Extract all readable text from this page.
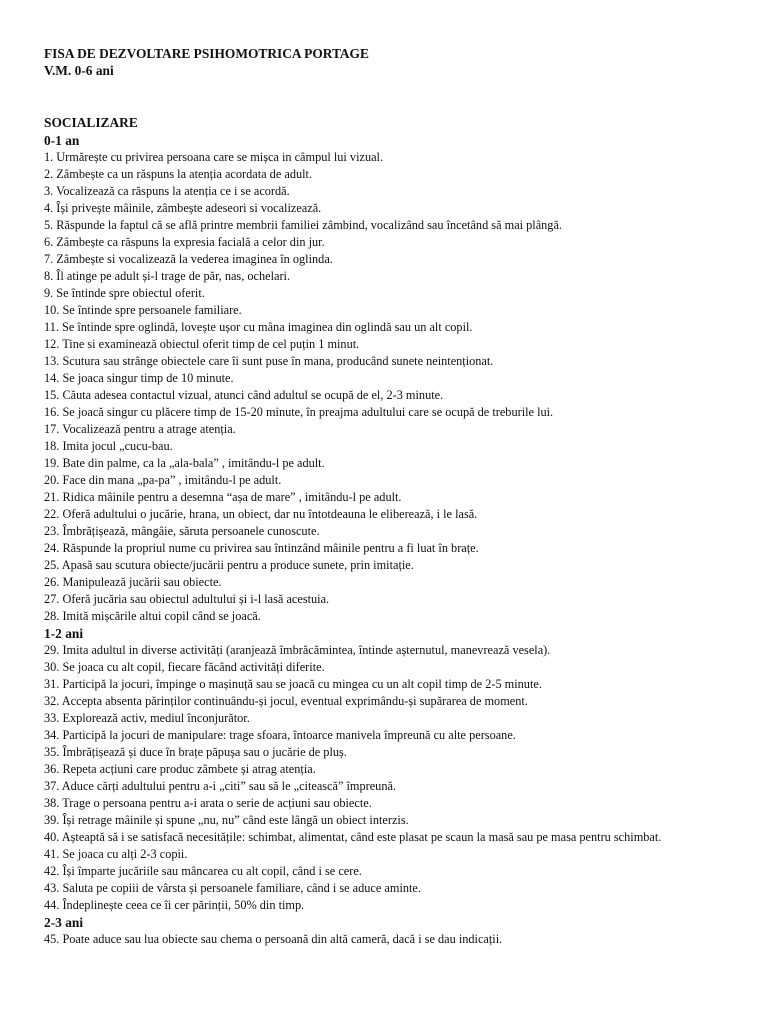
FISA DE DEZVOLTARE PSIHOMOTRICA PORTAGE
V.M. 0-6 ani
SOCIALIZARE
0-1 an
1. Urmărește cu privirea persoana care se mișca in câmpul lui vizual.
2. Zâmbește ca un răspuns la atenția acordata de adult.
3. Vocalizează ca răspuns la atenția ce i se acordă.
4. Își privește mâinile, zâmbește adeseori si vocalizează.
5. Răspunde la faptul că se află printre membrii familiei zâmbind, vocalizând sau încetând să mai plângă.
6. Zâmbește ca răspuns la expresia facială a celor din jur.
7. Zâmbește si vocalizează la vederea imaginea în oglinda.
8. Îl atinge pe adult și-l trage de păr, nas, ochelari.
9. Se întinde spre obiectul oferit.
10. Se întinde spre persoanele familiare.
11. Se întinde spre oglindă, lovește ușor cu mâna imaginea din oglindă sau un alt copil.
12. Tine si examinează obiectul oferit timp de cel puțin 1 minut.
13. Scutura sau strânge obiectele care îi sunt puse în mana, producând sunete neintenționat.
14. Se joaca singur timp de 10 minute.
15. Căuta adesea contactul vizual, atunci când adultul se ocupă de el, 2-3 minute.
16. Se joacă singur cu plăcere timp de 15-20 minute, în preajma adultului care se ocupă de treburile lui.
17. Vocalizează pentru a atrage atenția.
18. Imita jocul „cucu-bau.
19. Bate din palme, ca la „ala-bala” , imitându-l pe adult.
20. Face din mana „pa-pa” , imitându-l pe adult.
21. Ridica mâinile pentru a desemna “așa de mare” , imitându-l pe adult.
22. Oferă adultului o jucărie, hrana, un obiect, dar nu întotdeauna le eliberează, i le lasă.
23. Îmbrățișează, mângâie, săruta persoanele cunoscute.
24. Răspunde la propriul nume cu privirea sau întinzând mâinile pentru a fi luat în brațe.
25. Apasă sau scutura obiecte/jucării pentru a produce sunete, prin imitație.
26. Manipulează jucării sau obiecte.
27. Oferă jucăria sau obiectul adultului și i-l lasă acestuia.
28. Imită mișcările altui copil când se joacă.
1-2 ani
29. Imita adultul in diverse activități (aranjează îmbrăcămintea, întinde așternutul, manevrează vesela).
30. Se joaca cu alt copil, fiecare făcând activități diferite.
31. Participă la jocuri, împinge o mașinuță sau se joacă cu mingea cu un alt copil timp de 2-5 minute.
32. Accepta absenta părinților continuându-și jocul, eventual exprimându-și supărarea de moment.
33. Explorează activ, mediul înconjurător.
34. Participă la jocuri de manipulare: trage sfoara, întoarce manivela împreună cu alte persoane.
35. Îmbrățișează și duce în brațe păpușa sau o jucărie de pluș.
36. Repeta acțiuni care produc zâmbete și atrag atenția.
37. Aduce cărți adultului pentru a-i „citi” sau să le „citească” împreună.
38. Trage o persoana pentru a-i arata o serie de acțiuni sau obiecte.
39. Își retrage mâinile și spune „nu, nu” când este lângă un obiect interzis.
40. Așteaptă să i se satisfacă necesitățile: schimbat, alimentat, când este plasat pe scaun la masă sau pe masa pentru schimbat.
41. Se joaca cu alți 2-3 copii.
42. Își împarte jucăriile sau mâncarea cu alt copil, când i se cere.
43. Saluta pe copiii de vârsta și persoanele familiare, când i se aduce aminte.
44. Îndeplinește ceea ce îi cer părinții, 50% din timp.
2-3 ani
45. Poate aduce sau lua obiecte sau chema o persoană din altă cameră, dacă i se dau indicații.
